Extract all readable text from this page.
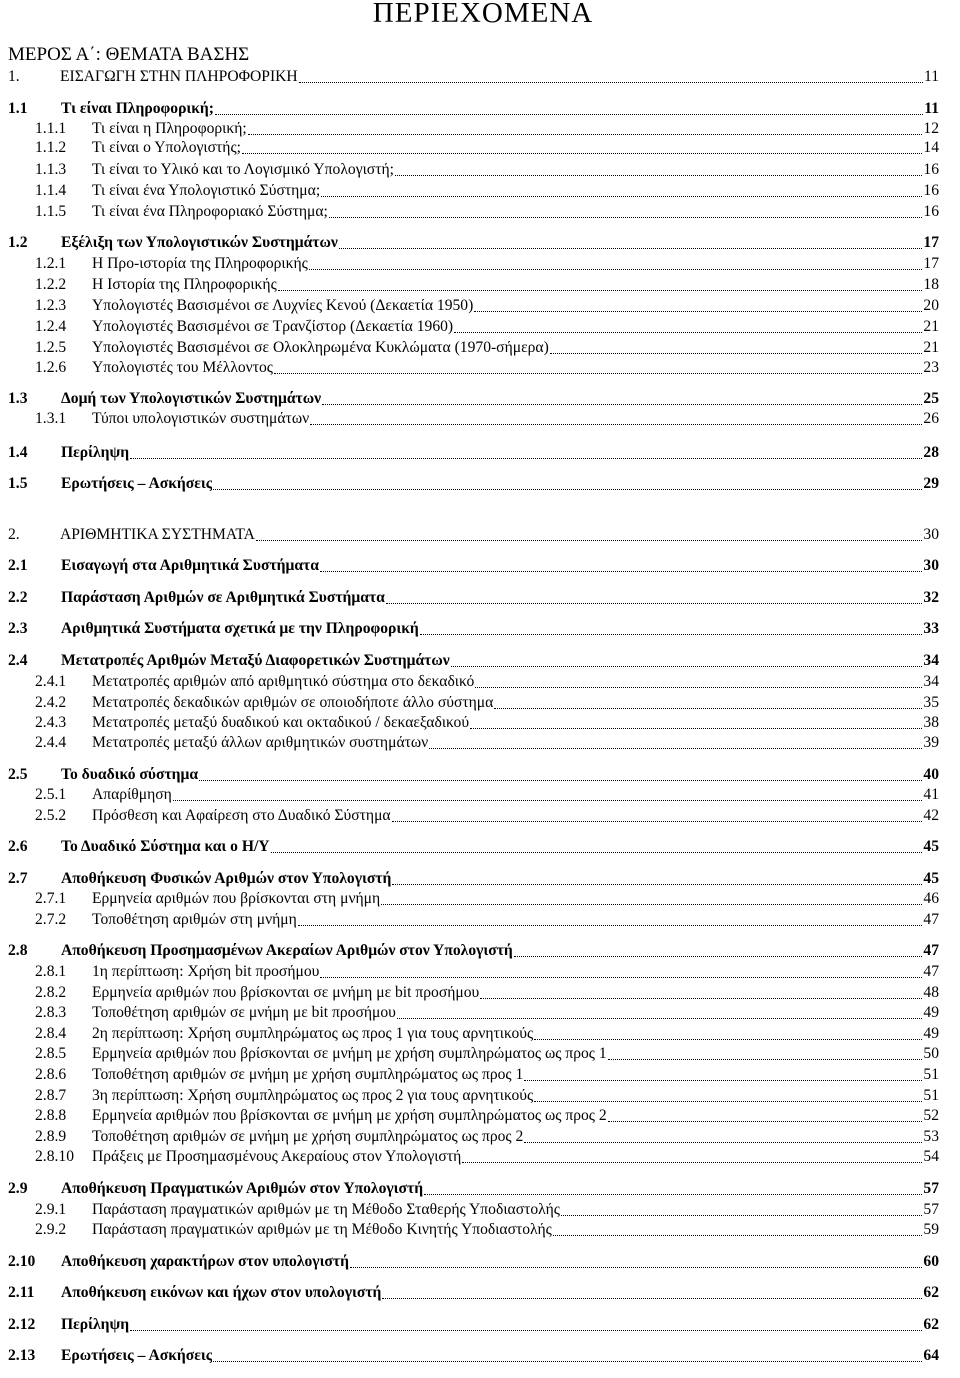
ΠΕΡΙΕΧΟΜΕΝΑ
ΜΕΡΟΣ Α΄: ΘΕΜΑΤΑ ΒΑΣΗΣ
1.	ΕΙΣΑΓΩΓΗ ΣΤΗΝ ΠΛΗΡΟΦΟΡΙΚΗ	11
1.1	Τι είναι Πληροφορική;	11
1.1.1	Τι είναι η Πληροφορική;	12
1.1.2	Τι είναι ο Υπολογιστής;	14
1.1.3	Τι είναι το Υλικό και το Λογισμικό Υπολογιστή;	16
1.1.4	Τι είναι ένα Υπολογιστικό Σύστημα;	16
1.1.5	Τι είναι ένα Πληροφοριακό Σύστημα;	16
1.2	Εξέλιξη των Υπολογιστικών Συστημάτων	17
1.2.1	Η Προ-ιστορία της Πληροφορικής	17
1.2.2	Η Ιστορία της Πληροφορικής	18
1.2.3	Υπολογιστές Βασισμένοι σε Λυχνίες Κενού (Δεκαετία 1950)	20
1.2.4	Υπολογιστές Βασισμένοι σε Τρανζίστορ (Δεκαετία 1960)	21
1.2.5	Υπολογιστές Βασισμένοι σε Ολοκληρωμένα Κυκλώματα (1970-σήμερα)	21
1.2.6	Υπολογιστές του Μέλλοντος	23
1.3	Δομή των Υπολογιστικών Συστημάτων	25
1.3.1	Τύποι υπολογιστικών συστημάτων	26
1.4	Περίληψη	28
1.5	Ερωτήσεις – Ασκήσεις	29
2.	ΑΡΙΘΜΗΤΙΚΑ ΣΥΣΤΗΜΑΤΑ	30
2.1	Εισαγωγή στα Αριθμητικά Συστήματα	30
2.2	Παράσταση Αριθμών σε Αριθμητικά Συστήματα	32
2.3	Αριθμητικά Συστήματα σχετικά με την Πληροφορική	33
2.4	Μετατροπές Αριθμών Μεταξύ Διαφορετικών Συστημάτων	34
2.4.1	Μετατροπές αριθμών από αριθμητικό σύστημα στο δεκαδικό	34
2.4.2	Μετατροπές δεκαδικών αριθμών σε οποιοδήποτε άλλο σύστημα	35
2.4.3	Μετατροπές μεταξύ δυαδικού και οκταδικού / δεκαεξαδικού	38
2.4.4	Μετατροπές μεταξύ άλλων αριθμητικών συστημάτων	39
2.5	Το δυαδικό σύστημα	40
2.5.1	Απαρίθμηση	41
2.5.2	Πρόσθεση και Αφαίρεση στο Δυαδικό Σύστημα	42
2.6	Το Δυαδικό Σύστημα και ο Η/Υ	45
2.7	Αποθήκευση Φυσικών Αριθμών στον Υπολογιστή	45
2.7.1	Ερμηνεία αριθμών που βρίσκονται στη μνήμη	46
2.7.2	Τοποθέτηση αριθμών στη μνήμη	47
2.8	Αποθήκευση Προσημασμένων Ακεραίων Αριθμών στον Υπολογιστή	47
2.8.1	1η περίπτωση: Χρήση bit προσήμου	47
2.8.2	Ερμηνεία αριθμών που βρίσκονται σε μνήμη με bit προσήμου	48
2.8.3	Τοποθέτηση αριθμών σε μνήμη με bit προσήμου	49
2.8.4	2η περίπτωση: Χρήση συμπληρώματος ως προς 1 για τους αρνητικούς	49
2.8.5	Ερμηνεία αριθμών που βρίσκονται σε μνήμη με χρήση συμπληρώματος ως προς 1	50
2.8.6	Τοποθέτηση αριθμών σε μνήμη με χρήση συμπληρώματος ως προς 1	51
2.8.7	3η περίπτωση: Χρήση συμπληρώματος ως προς 2 για τους αρνητικούς	51
2.8.8	Ερμηνεία αριθμών που βρίσκονται σε μνήμη με χρήση συμπληρώματος ως προς 2	52
2.8.9	Τοποθέτηση αριθμών σε μνήμη με χρήση συμπληρώματος ως προς 2	53
2.8.10	Πράξεις με Προσημασμένους Ακεραίους στον Υπολογιστή	54
2.9	Αποθήκευση Πραγματικών Αριθμών στον Υπολογιστή	57
2.9.1	Παράσταση πραγματικών αριθμών με τη Μέθοδο Σταθερής Υποδιαστολής	57
2.9.2	Παράσταση πραγματικών αριθμών με τη Μέθοδο Κινητής Υποδιαστολής	59
2.10	Αποθήκευση χαρακτήρων στον υπολογιστή	60
2.11	Αποθήκευση εικόνων και ήχων στον υπολογιστή	62
2.12	Περίληψη	62
2.13	Ερωτήσεις – Ασκήσεις	64
